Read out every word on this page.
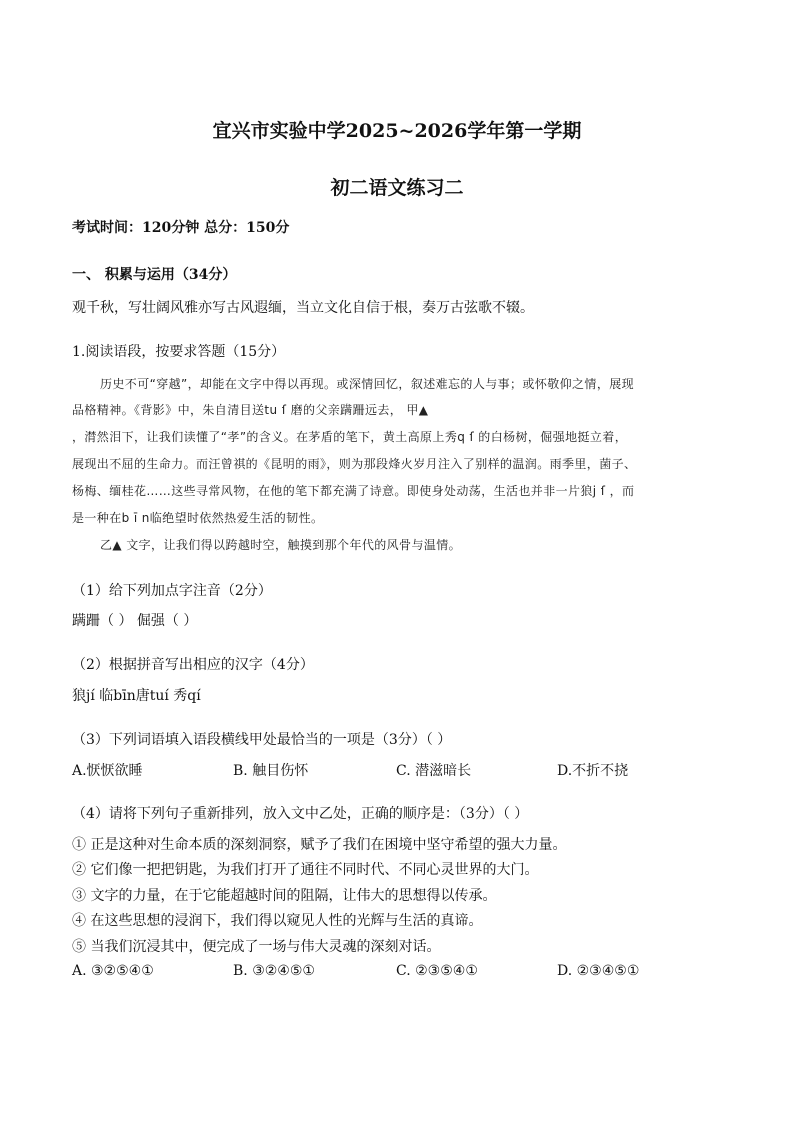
宜兴市实验中学2025~2026学年第一学期
初二语文练习二
考试时间：120分钟 总分：150分
一、 积累与运用（34分）
观千秋，写壮阔风雅亦写古风遐缅，当立文化自信于根，奏万古弦歌不辍。
1.阅读语段，按要求答题（15分）
历史不可“穿越”，却能在文字中得以再现。或深情回忆，叙述难忘的人与事；或怀敬仰之情，展现
品格精神。《背影》中，朱自清目送tu ſ 磨的父亲蹒跚远去， 甲▲
，潸然泪下，让我们读懂了“孝”的含义。在茅盾的笔下，黄土高原上秀q ſ 的白杨树，倔强地挺立着，
展现出不屈的生命力。而汪曾祺的《昆明的雨》，则为那段烽火岁月注入了别样的温润。雨季里，菌子、
杨梅、缅桂花……这些寻常风物，在他的笔下都充满了诗意。即使身处动荡，生活也并非一片狼j ſ ，而
是一种在b ī n临绝望时依然热爱生活的韧性。
乙▲ 文字，让我们得以跨越时空，触摸到那个年代的风骨与温情。
（1）给下列加点字注音（2分）
蹒跚（ ） 倔强（ ）
（2）根据拼音写出相应的汉字（4分）
狼jí 临bīn唐tuí 秀qí
（3）下列词语填入语段横线甲处最恰当的一项是（3分）（ ）
A.恹恹欲睡	B. 触目伤怀	C. 潜滋暗长	D.不折不挠
（4）请将下列句子重新排列，放入文中乙处，正确的顺序是：（3分）（ ）
① 正是这种对生命本质的深刻洞察，赋予了我们在困境中坚守希望的强大力量。
② 它们像一把把钥匙，为我们打开了通往不同时代、不同心灵世界的大门。
③ 文字的力量，在于它能超越时间的阻隔，让伟大的思想得以传承。
④ 在这些思想的浸润下，我们得以窥见人性的光辉与生活的真谛。
⑤ 当我们沉浸其中，便完成了一场与伟大灵魂的深刻对话。
A. ③②⑤④①	B. ③②④⑤①	C. ②③⑤④①	D. ②③④⑤①
